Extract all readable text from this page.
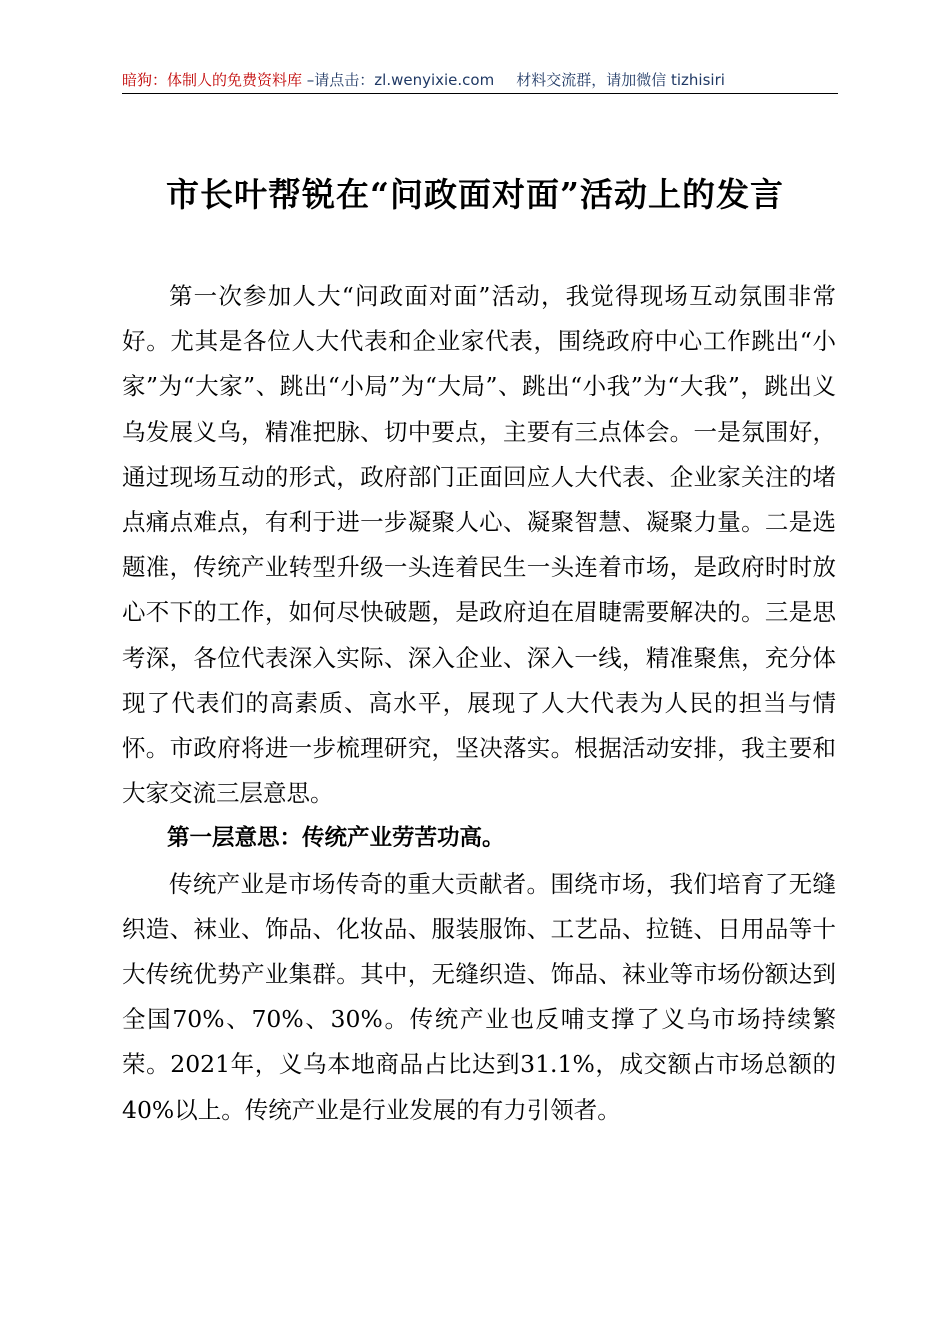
暗狗：体制人的免费资料库 –请点击：zl.wenyixie.com 材料交流群，请加微信 tizhisiri
市长叶帮锐在“问政面对面”活动上的发言

第一次参加人大“问政面对面”活动，我觉得现场互动氛围非常好。尤其是各位人大代表和企业家代表，围绕政府中心工作跳出“小家”为“大家”、跳出“小局”为“大局”、跳出“小我”为“大我”，跳出义乌发展义乌，精准把脉、切中要点，主要有三点体会。一是氛围好，通过现场互动的形式，政府部门正面回应人大代表、企业家关注的堵点痛点难点，有利于进一步凝聚人心、凝聚智慧、凝聚力量。二是选题准，传统产业转型升级一头连着民生一头连着市场，是政府时时放心不下的工作，如何尽快破题，是政府迫在眉睫需要解决的。三是思考深，各位代表深入实际、深入企业、深入一线，精准聚焦，充分体现了代表们的高素质、高水平，展现了人大代表为人民的担当与情怀。市政府将进一步梳理研究，坚决落实。根据活动安排，我主要和大家交流三层意思。

第一层意思：传统产业劳苦功高。

传统产业是市场传奇的重大贡献者。围绕市场，我们培育了无缝织造、袜业、饰品、化妆品、服装服饰、工艺品、拉链、日用品等十大传统优势产业集群。其中，无缝织造、饰品、袜业等市场份额达到全国70%、70%、30%。传统产业也反哺支撑了义乌市场持续繁荣。2021年，义乌本地商品占比达到31.1%，成交额占市场总额的40%以上。传统产业是行业发展的有力引领者。
